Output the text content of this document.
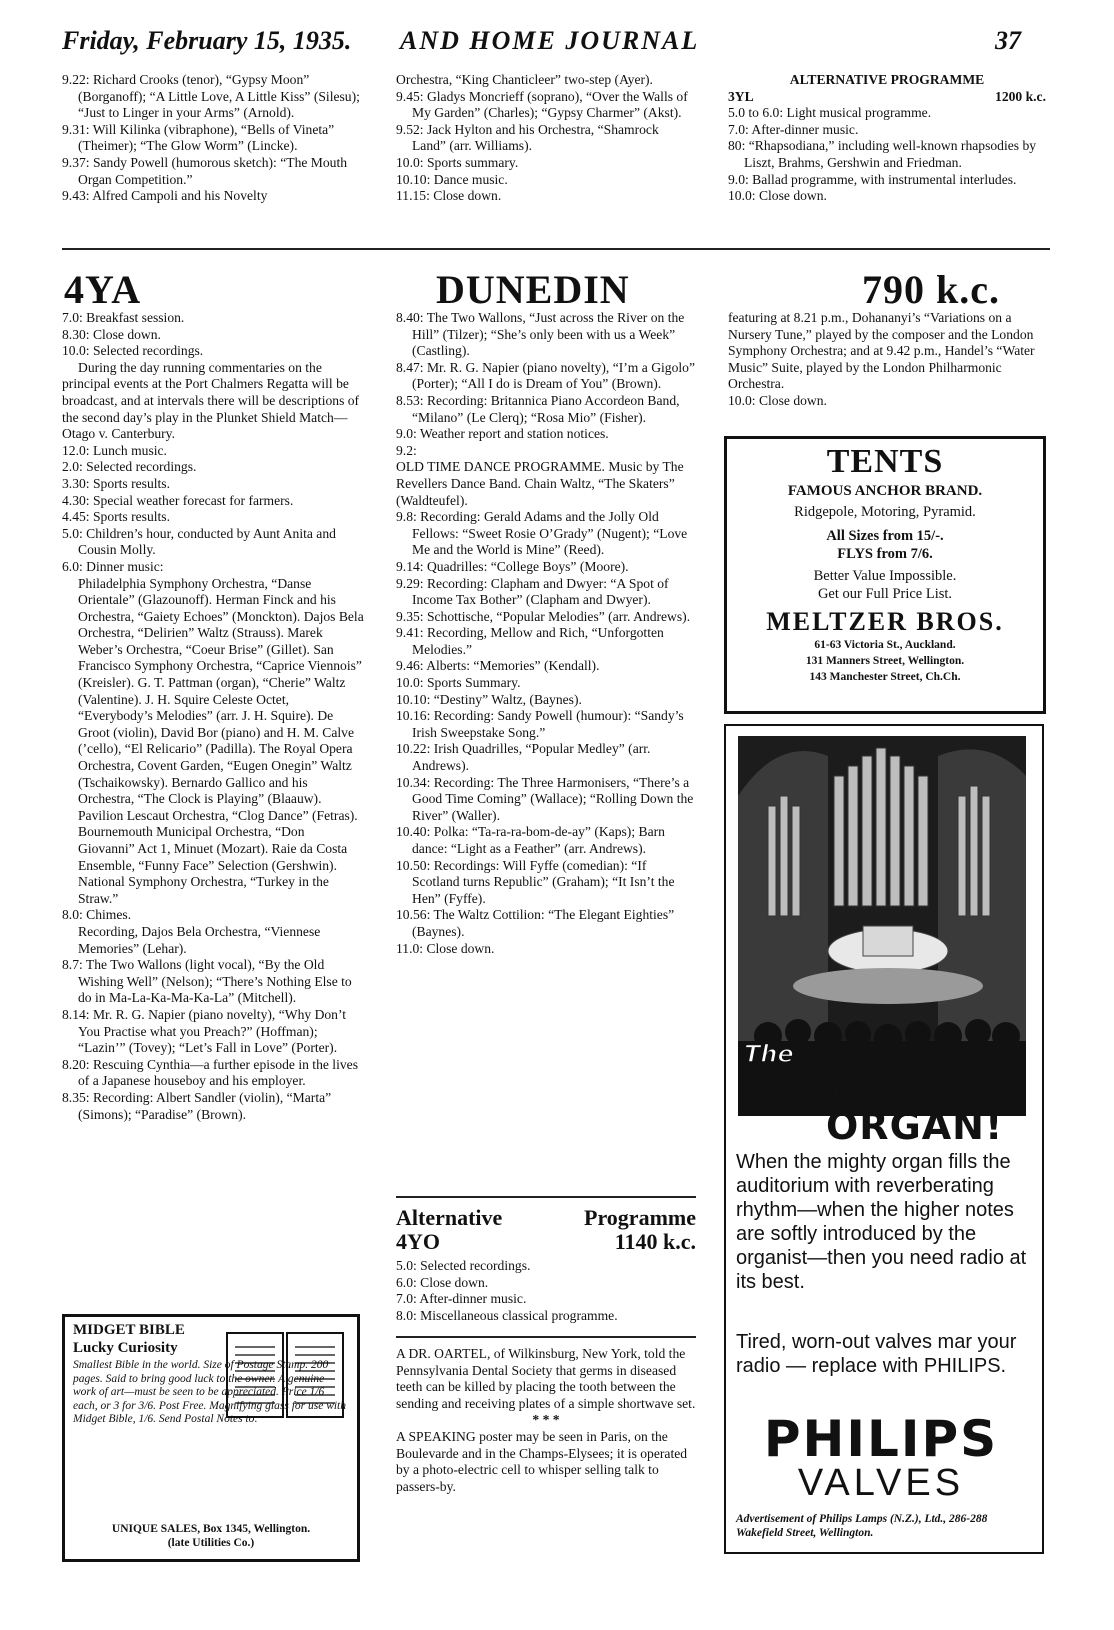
Friday, February 15, 1935. AND HOME JOURNAL	37

9.22: Richard Crooks (tenor), “Gypsy Moon” (Borganoff); “A Little Love, A Little Kiss” (Silesu); “Just to Linger in your Arms” (Arnold).

9.31: Will Kilinka (vibraphone), “Bells of Vineta” (Theimer); “The Glow Worm” (Lincke).

9.37: Sandy Powell (humorous sketch): “The Mouth Organ Competition.”

9.43: Alfred Campoli and his Novelty

Orchestra, “King Chanticleer” two-step (Ayer).

9.45: Gladys Moncrieff (soprano), “Over the Walls of My Garden” (Charles); “Gypsy Charmer” (Akst).

9.52: Jack Hylton and his Orchestra, “Shamrock Land” (arr. Williams).

10.0: Sports summary.

10.10: Dance music.

11.15: Close down.

ALTERNATIVE PROGRAMME
3YL	1200 k.c.

5.0 to 6.0: Light musical programme.

7.0: After-dinner music.

80: “Rhapsodiana,” including well-known rhapsodies by Liszt, Brahms, Gershwin and Friedman.

9.0: Ballad programme, with instrumental interludes.

10.0: Close down.

4YA	DUNEDIN	790 k.c.

7.0: Breakfast session.

8.30: Close down.

10.0: Selected recordings.

During the day running commentaries on the principal events at the Port Chalmers Regatta will be broadcast, and at intervals there will be descriptions of the second day’s play in the Plunket Shield Match—Otago v. Canterbury.

12.0: Lunch music.

2.0: Selected recordings.

3.30: Sports results.

4.30: Special weather forecast for farmers.

4.45: Sports results.

5.0: Children’s hour, conducted by Aunt Anita and Cousin Molly.

6.0: Dinner music:

Philadelphia Symphony Orchestra, “Danse Orientale” (Glazounoff). Herman Finck and his Orchestra, “Gaiety Echoes” (Monckton). Dajos Bela Orchestra, “Delirien” Waltz (Strauss). Marek Weber’s Orchestra, “Coeur Brise” (Gillet). San Francisco Symphony Orchestra, “Caprice Viennois” (Kreisler). G. T. Pattman (organ), “Cherie” Waltz (Valentine). J. H. Squire Celeste Octet, “Everybody’s Melodies” (arr. J. H. Squire). De Groot (violin), David Bor (piano) and H. M. Calve (’cello), “El Relicario” (Padilla). The Royal Opera Orchestra, Covent Garden, “Eugen Onegin” Waltz (Tschaikowsky). Bernardo Gallico and his Orchestra, “The Clock is Playing” (Blaauw). Pavilion Lescaut Orchestra, “Clog Dance” (Fetras). Bournemouth Municipal Orchestra, “Don Giovanni” Act 1, Minuet (Mozart). Raie da Costa Ensemble, “Funny Face” Selection (Gershwin). National Symphony Orchestra, “Turkey in the Straw.”

8.0: Chimes.

Recording, Dajos Bela Orchestra, “Viennese Memories” (Lehar).

8.7: The Two Wallons (light vocal), “By the Old Wishing Well” (Nelson); “There’s Nothing Else to do in Ma-La-Ka-Ma-Ka-La” (Mitchell).

8.14: Mr. R. G. Napier (piano novelty), “Why Don’t You Practise what you Preach?” (Hoffman); “Lazin’” (Tovey); “Let’s Fall in Love” (Porter).

8.20: Rescuing Cynthia—a further episode in the lives of a Japanese houseboy and his employer.

8.35: Recording: Albert Sandler (violin), “Marta” (Simons); “Paradise” (Brown).

MIDGET BIBLE
Lucky Curiosity
Smallest Bible in the world. Size of Postage Stamp. 200 pages. Said to bring good luck to the owner. A genuine work of art—must be seen to be appreciated. Price 1/6 each, or 3 for 3/6. Post Free. Magnifying glass for use with Midget Bible, 1/6. Send Postal Notes to:
UNIQUE SALES, Box 1345, Wellington.
(late Utilities Co.)

8.40: The Two Wallons, “Just across the River on the Hill” (Tilzer); “She’s only been with us a Week” (Castling).

8.47: Mr. R. G. Napier (piano novelty), “I’m a Gigolo” (Porter); “All I do is Dream of You” (Brown).

8.53: Recording: Britannica Piano Accordeon Band, “Milano” (Le Clerq); “Rosa Mio” (Fisher).

9.0: Weather report and station notices.

9.2:

OLD TIME DANCE PROGRAMME. Music by The Revellers Dance Band. Chain Waltz, “The Skaters” (Waldteufel).

9.8: Recording: Gerald Adams and the Jolly Old Fellows: “Sweet Rosie O’Grady” (Nugent); “Love Me and the World is Mine” (Reed).

9.14: Quadrilles: “College Boys” (Moore).

9.29: Recording: Clapham and Dwyer: “A Spot of Income Tax Bother” (Clapham and Dwyer).

9.35: Schottische, “Popular Melodies” (arr. Andrews).

9.41: Recording, Mellow and Rich, “Unforgotten Melodies.”

9.46: Alberts: “Memories” (Kendall).

10.0: Sports Summary.

10.10: “Destiny” Waltz, (Baynes).

10.16: Recording: Sandy Powell (humour): “Sandy’s Irish Sweepstake Song.”

10.22: Irish Quadrilles, “Popular Medley” (arr. Andrews).

10.34: Recording: The Three Harmonisers, “There’s a Good Time Coming” (Wallace); “Rolling Down the River” (Waller).

10.40: Polka: “Ta-ra-ra-bom-de-ay” (Kaps); Barn dance: “Light as a Feather” (arr. Andrews).

10.50: Recordings: Will Fyffe (comedian): “If Scotland turns Republic” (Graham); “It Isn’t the Hen” (Fyffe).

10.56: The Waltz Cottilion: “The Elegant Eighties” (Baynes).

11.0: Close down.

Alternative	Programme
4YO	1140 k.c.

5.0: Selected recordings.

6.0: Close down.

7.0: After-dinner music.

8.0: Miscellaneous classical programme.

A DR. OARTEL, of Wilkinsburg, New York, told the Pennsylvania Dental Society that germs in diseased teeth can be killed by placing the tooth between the sending and receiving plates of a simple shortwave set.

* * *

A SPEAKING poster may be seen in Paris, on the Boulevarde and in the Champs-Elysees; it is operated by a photo-electric cell to whisper selling talk to passers-by.

featuring at 8.21 p.m., Dohananyi’s “Variations on a Nursery Tune,” played by the composer and the London Symphony Orchestra; and at 9.42 p.m., Handel’s “Water Music” Suite, played by the London Philharmonic Orchestra.

10.0: Close down.

TENTS
FAMOUS ANCHOR BRAND.
Ridgepole, Motoring, Pyramid.
All Sizes from 15/-.
FLYS from 7/6.
Better Value Impossible.
Get our Full Price List.
MELTZER BROS.
61-63 Victoria St., Auckland.
131 Manners Street, Wellington.
143 Manchester Street, Ch.Ch.
The
MIGHTY
ORGAN!
When the mighty organ fills the auditorium with reverberating rhythm—when the higher notes are softly introduced by the organist—then you need radio at its best.
Tired, worn-out valves mar your radio — replace with PHILIPS.
PHILIPS
VALVES
Advertisement of Philips Lamps (N.Z.), Ltd., 286-288 Wakefield Street, Wellington.
